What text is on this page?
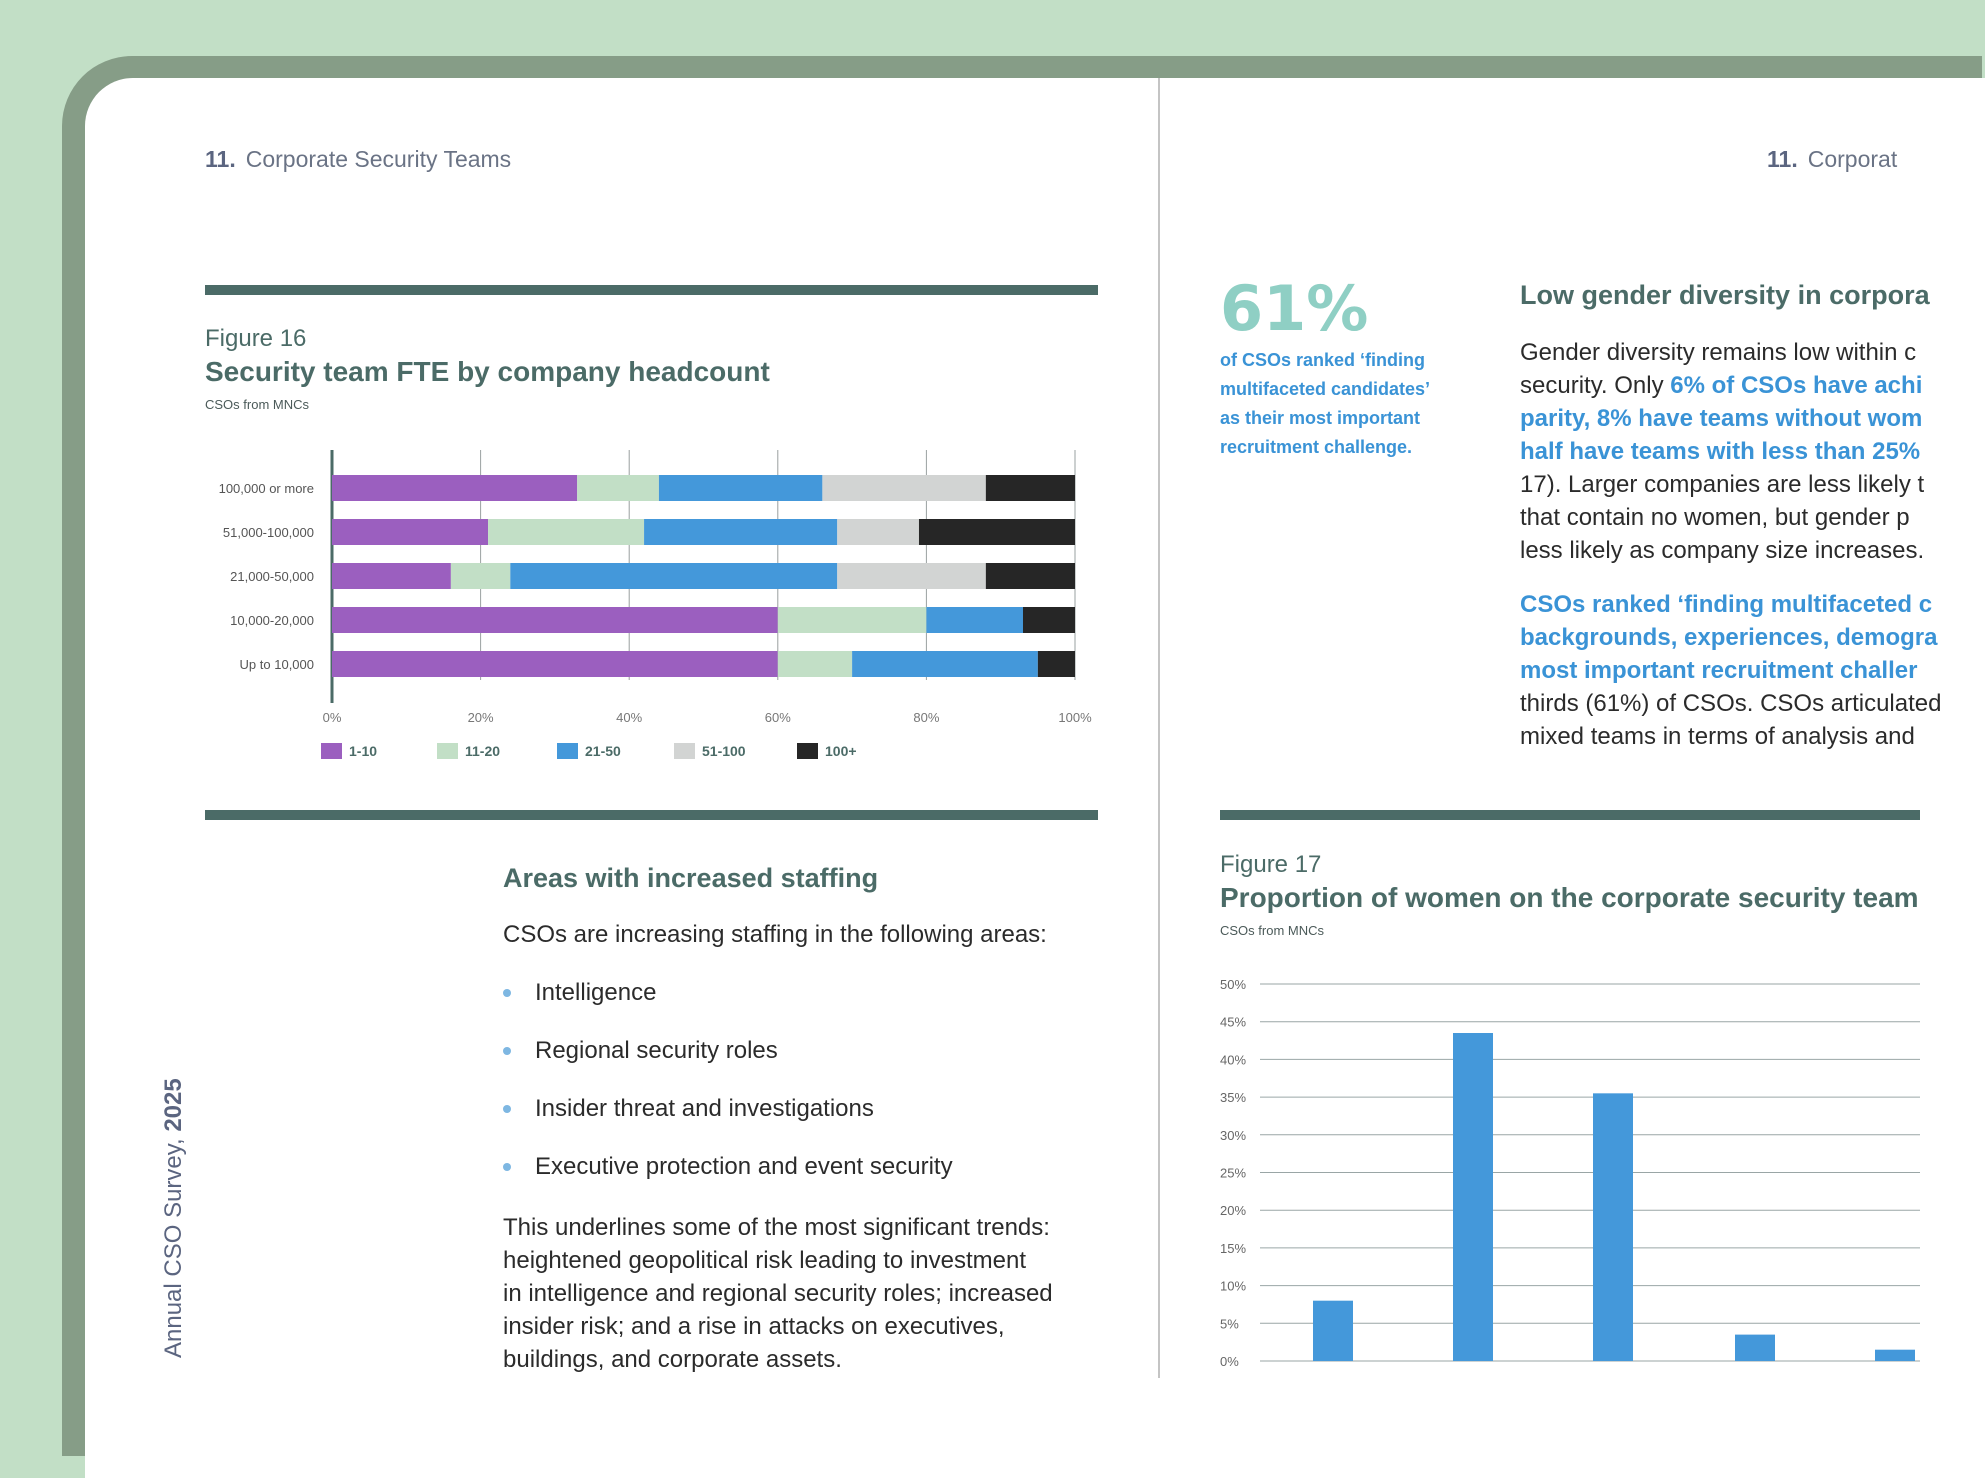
11. Corporate Security Teams
Figure 16
Security team FTE by company headcount
CSOs from MNCs
0%	20%	40%	60%	80%	100%
100,000 or more
51,000-100,000
21,000-50,000
10,000-20,000
Up to 10,000
1-10	11-20	21-50	51-100	100+
Areas with increased staffing
CSOs are increasing staffing in the following areas:
Intelligence
Regional security roles
Insider threat and investigations
Executive protection and event security
This underlines some of the most significant trends:
heightened geopolitical risk leading to investment
in intelligence and regional security roles; increased
insider risk; and a rise in attacks on executives,
buildings, and corporate assets.
Annual CSO Survey, 2025
11. Corporat
61%
of CSOs ranked ‘finding
multifaceted candidates’
as their most important
recruitment challenge.
Low gender diversity in corpora
Gender diversity remains low within c
security. Only 6% of CSOs have achi
parity, 8% have teams without wom
half have teams with less than 25%
17). Larger companies are less likely t
that contain no women, but gender p
less likely as company size increases.
CSOs ranked ‘finding multifaceted c
backgrounds, experiences, demogra
most important recruitment challer
thirds (61%) of CSOs. CSOs articulated
mixed teams in terms of analysis and
Figure 17
Proportion of women on the corporate security team
CSOs from MNCs
0%
5%
10%
15%
20%
25%
30%
35%
40%
45%
50%
